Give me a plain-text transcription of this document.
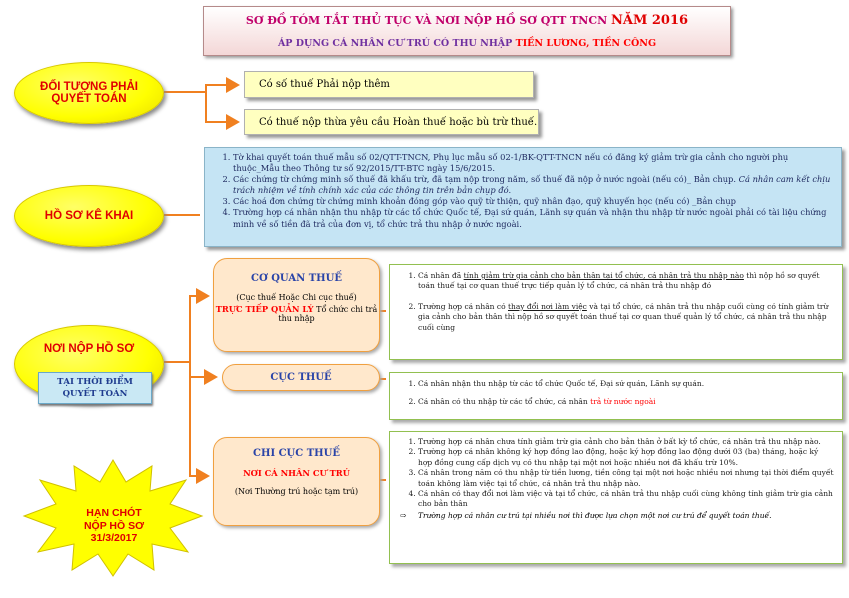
SƠ ĐỒ TÓM TẮT THỦ TỤC VÀ NƠI NỘP HỒ SƠ QTT TNCN NĂM 2016
ÁP DỤNG CÁ NHÂN CƯ TRÚ CÓ THU NHẬP TIỀN LƯƠNG, TIỀN CÔNG
ĐỐI TƯỢNG PHẢI QUYẾT TOÁN
Có số thuế Phải nộp thêm
Có thuế nộp thừa yêu cầu Hoàn thuế hoặc bù trừ thuế.
HỒ SƠ KÊ KHAI
1. Tờ khai quyết toán thuế mẫu số 02/QTT-TNCN, Phụ lục mẫu số 02-1/BK-QTT-TNCN nếu có đăng ký giảm trừ gia cảnh cho người phụ thuộc_Mẫu theo Thông tư số 92/2015/TT-BTC ngày 15/6/2015.
2. Các chứng từ chứng minh số thuế đã khấu trừ, đã tạm nộp trong năm, số thuế đã nộp ở nước ngoài (nếu có)_ Bản chụp. Cá nhân cam kết chịu trách nhiệm về tính chính xác của các thông tin trên bản chụp đó.
3. Các hoá đơn chứng từ chứng minh khoản đóng góp vào quỹ từ thiện, quỹ nhân đạo, quỹ khuyến học (nếu có) _Bản chụp
4. Trường hợp cá nhân nhận thu nhập từ các tổ chức Quốc tế, Đại sứ quán, Lãnh sự quán và nhận thu nhập từ nước ngoài phải có tài liệu chứng minh về số tiền đã trả của đơn vị, tổ chức trả thu nhập ở nước ngoài.
NƠI NỘP HỒ SƠ
TẠI THỜI ĐIỂM QUYẾT TOÁN
CƠ QUAN THUẾ
(Cục thuế Hoặc Chi cục thuế)
TRỰC TIẾP QUẢN LÝ Tổ chức chi trả thu nhập
1. Cá nhân đã tính giảm trừ gia cảnh cho bản thân tại tổ chức, cá nhân trả thu nhập nào thì nộp hồ sơ quyết toán thuế tại cơ quan thuế trực tiếp quản lý tổ chức, cá nhân trả thu nhập đó
2. Trường hợp cá nhân có thay đổi nơi làm việc và tại tổ chức, cá nhân trả thu nhập cuối cùng có tính giảm trừ gia cảnh cho bản thân thì nộp hồ sơ quyết toán thuế tại cơ quan thuế quản lý tổ chức, cá nhân trả thu nhập cuối cùng
CỤC THUẾ
1. Cá nhân nhận thu nhập từ các tổ chức Quốc tế, Đại sứ quán, Lãnh sự quán.
2. Cá nhân có thu nhập từ các tổ chức, cá nhân trả từ nước ngoài
CHI CỤC THUẾ
NƠI CÁ NHÂN CƯ TRÚ
(Nơi Thường trú hoặc tạm trú)
1. Trường hợp cá nhân chưa tính giảm trừ gia cảnh cho bản thân ở bất kỳ tổ chức, cá nhân trả thu nhập nào.
2. Trường hợp cá nhân không ký hợp đồng lao động, hoặc ký hợp đồng lao động dưới 03 (ba) tháng, hoặc ký hợp đồng cung cấp dịch vụ có thu nhập tại một nơi hoặc nhiều nơi đã khấu trừ 10%.
3. Cá nhân trong năm có thu nhập từ tiền lương, tiền công tại một nơi hoặc nhiều nơi nhưng tại thời điểm quyết toán không làm việc tại tổ chức, cá nhân trả thu nhập nào.
4. Cá nhân có thay đổi nơi làm việc và tại tổ chức, cá nhân trả thu nhập cuối cùng không tính giảm trừ gia cảnh cho bản thân
⇨	Trường hợp cá nhân cư trú tại nhiều nơi thì được lựa chọn một nơi cư trú để quyết toán thuế.
HẠN CHÓT
NỘP HỒ SƠ
31/3/2017
